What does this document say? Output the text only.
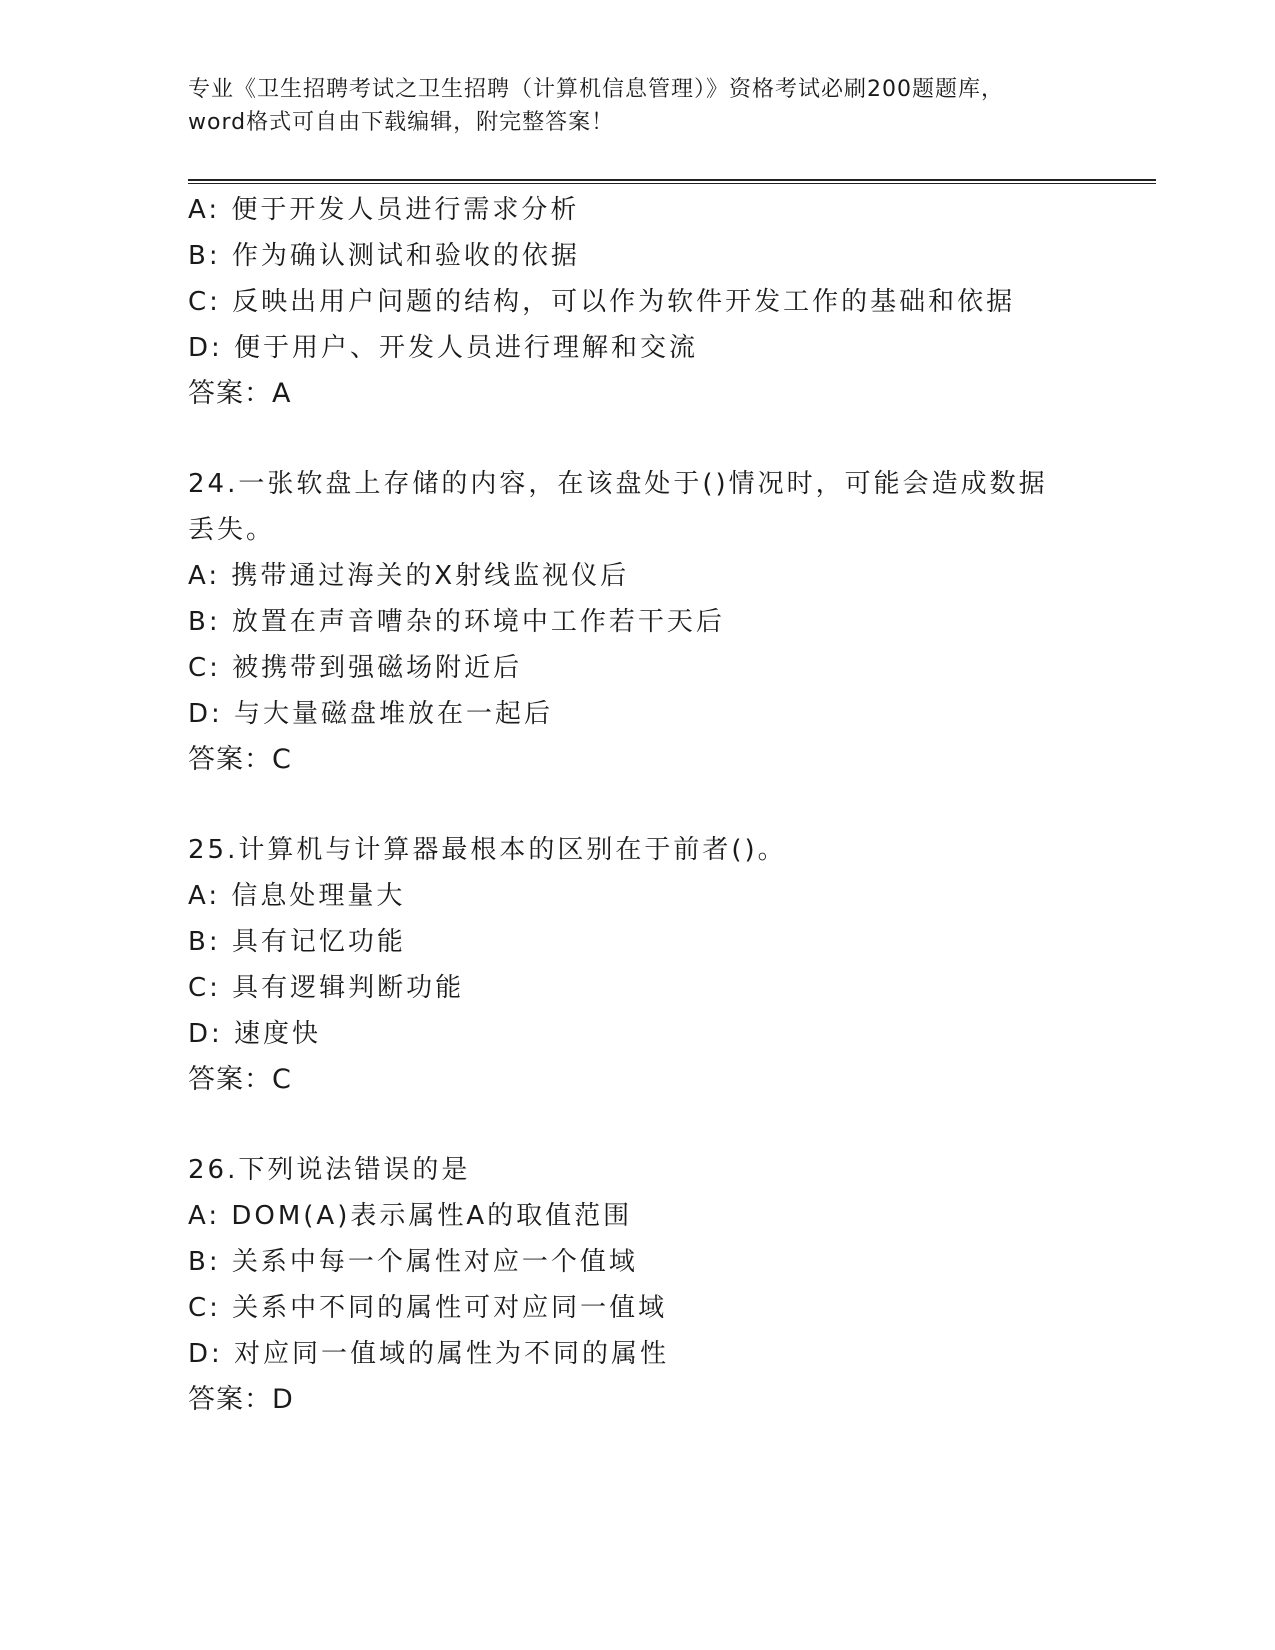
专业《卫生招聘考试之卫生招聘（计算机信息管理）》资格考试必刷200题题库，
word格式可自由下载编辑，附完整答案！
A: 便于开发人员进行需求分析
B: 作为确认测试和验收的依据
C: 反映出用户问题的结构，可以作为软件开发工作的基础和依据
D: 便于用户、开发人员进行理解和交流
答案：A
24.一张软盘上存储的内容，在该盘处于()情况时，可能会造成数据丢失。
A: 携带通过海关的X射线监视仪后
B: 放置在声音嘈杂的环境中工作若干天后
C: 被携带到强磁场附近后
D: 与大量磁盘堆放在一起后
答案：C
25.计算机与计算器最根本的区别在于前者()。
A: 信息处理量大
B: 具有记忆功能
C: 具有逻辑判断功能
D: 速度快
答案：C
26.下列说法错误的是
A: DOM(A)表示属性A的取值范围
B: 关系中每一个属性对应一个值域
C: 关系中不同的属性可对应同一值域
D: 对应同一值域的属性为不同的属性
答案：D
